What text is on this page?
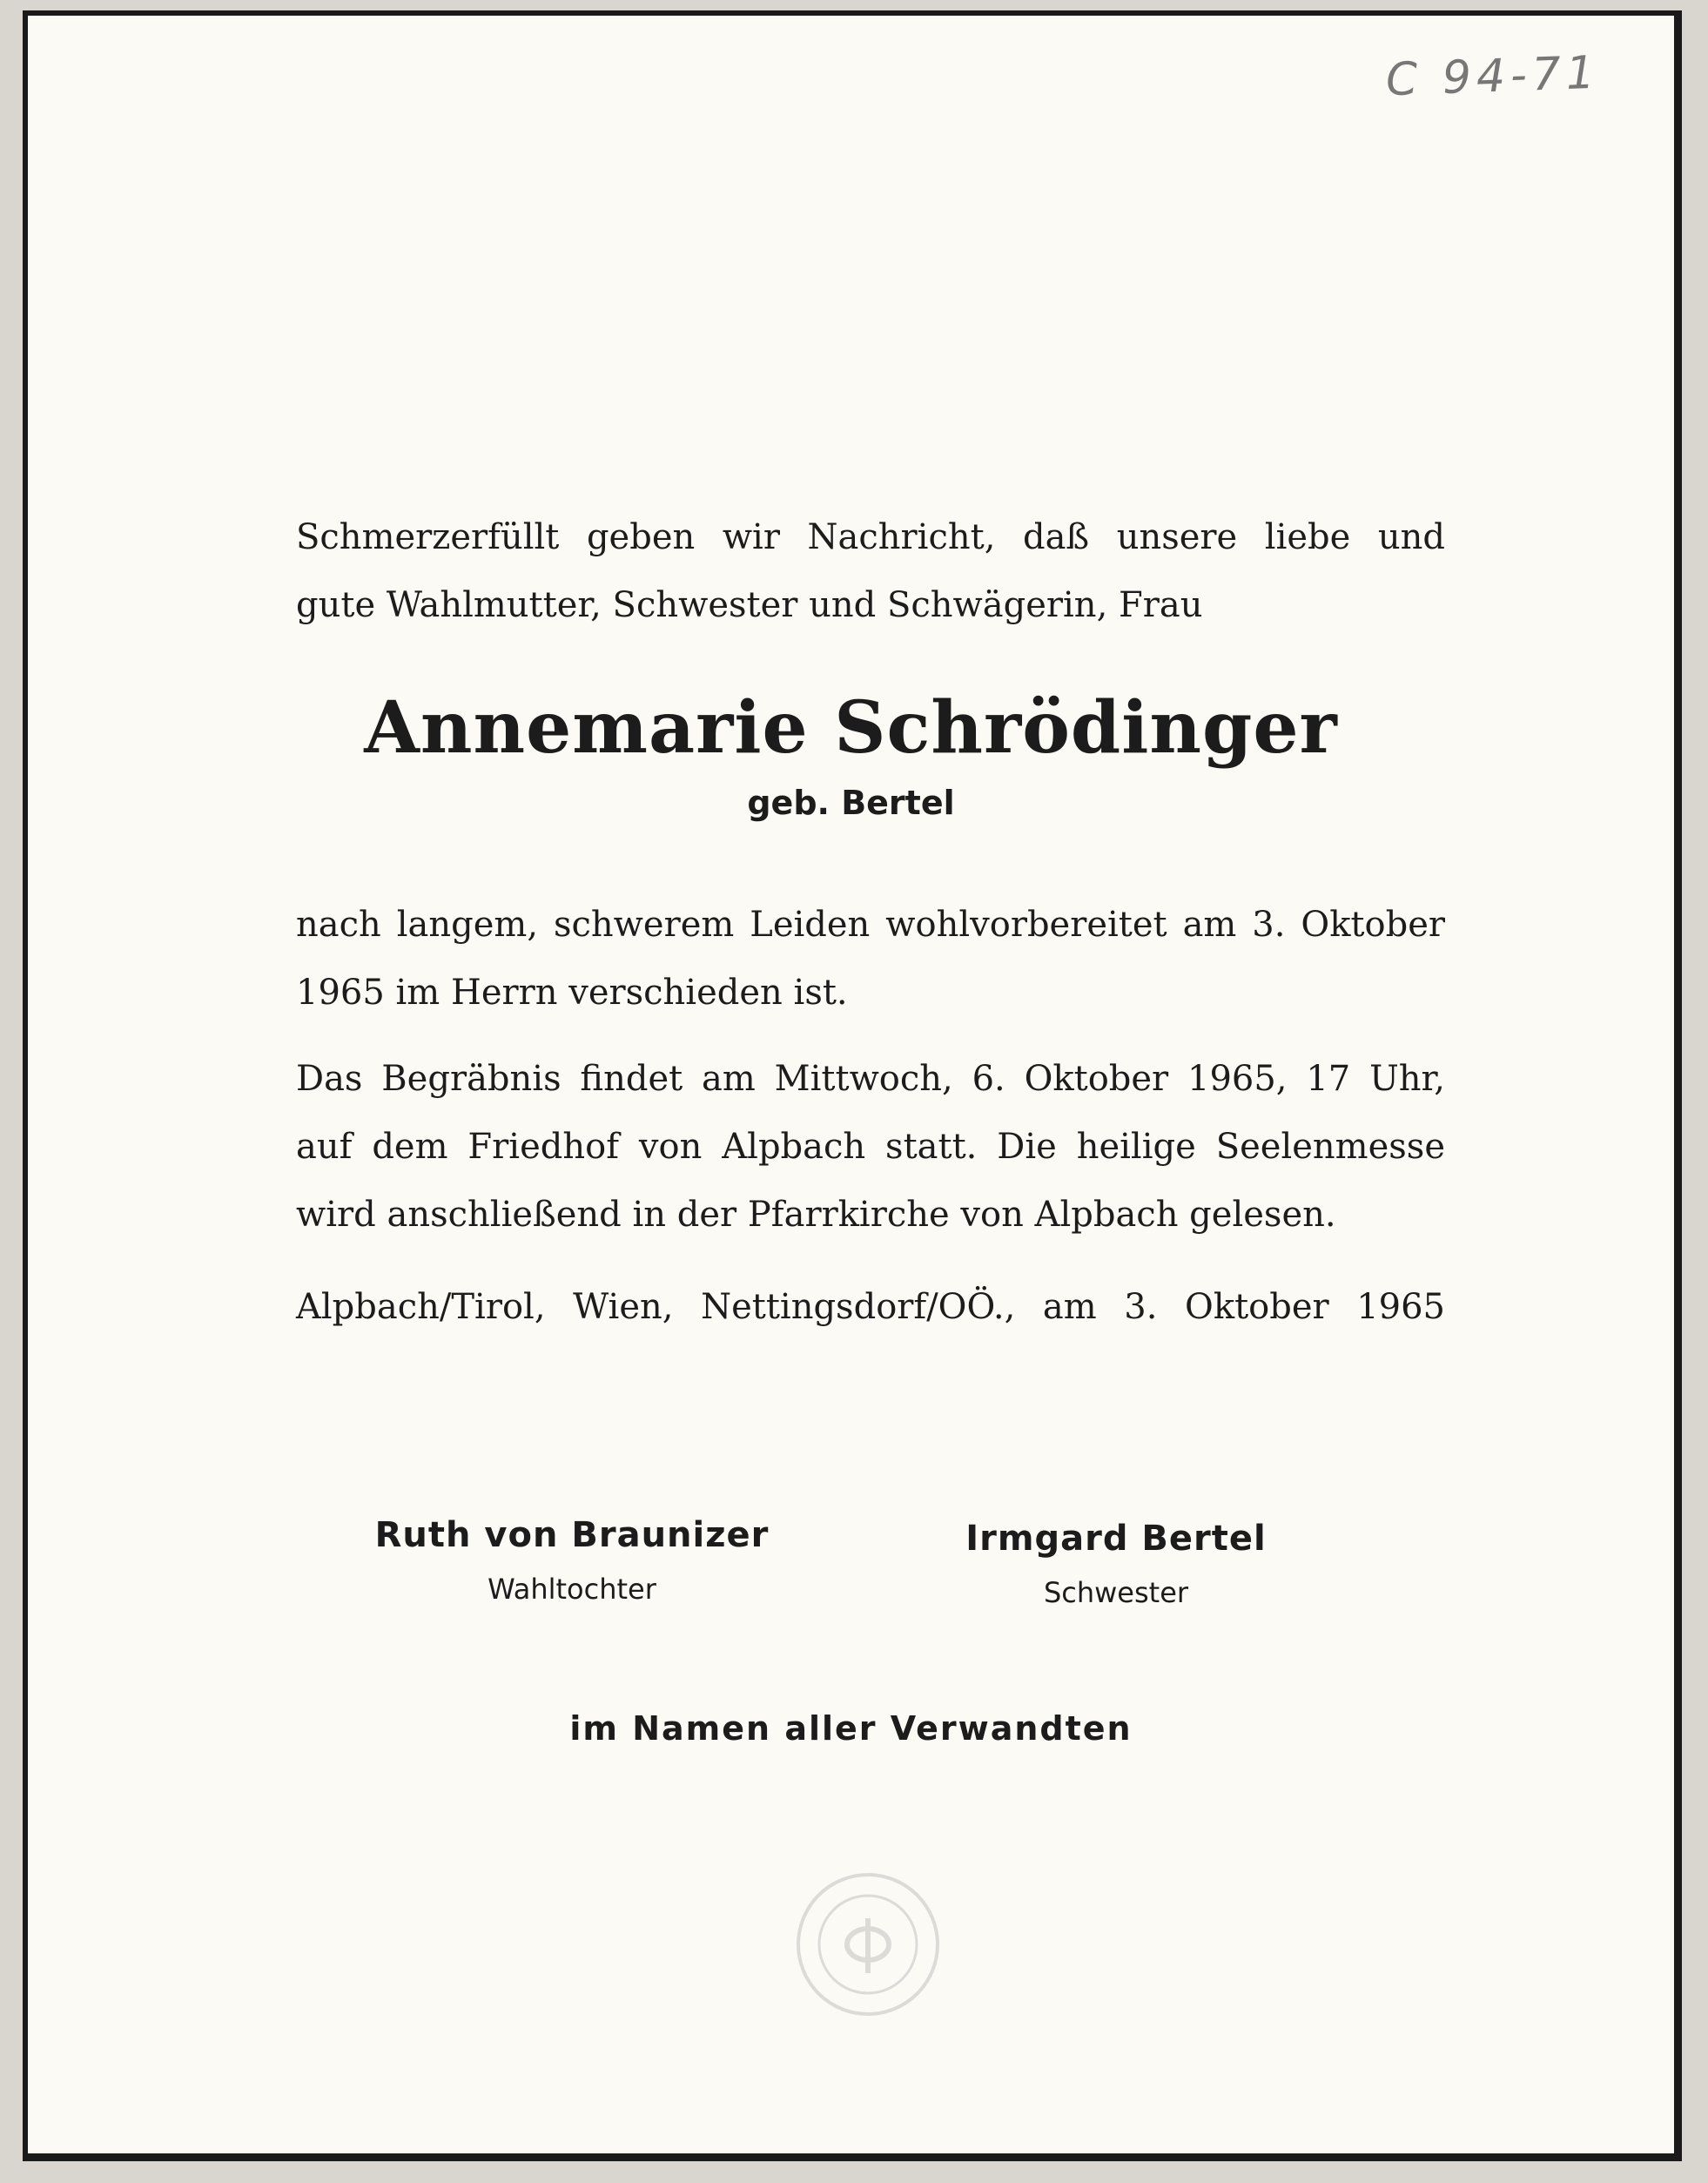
C 94-71

Schmerzerfüllt geben wir Nachricht, daß unsere liebe und
gute Wahlmutter, Schwester und Schwägerin, Frau

Annemarie Schrödinger
geb. Bertel

nach langem, schwerem Leiden wohlvorbereitet am 3. Oktober
1965 im Herrn verschieden ist.

Das Begräbnis findet am Mittwoch, 6. Oktober 1965, 17 Uhr,
auf dem Friedhof von Alpbach statt. Die heilige Seelenmesse
wird anschließend in der Pfarrkirche von Alpbach gelesen.

Alpbach/Tirol, Wien, Nettingsdorf/OÖ., am 3. Oktober 1965
Ruth von Braunizer
Wahltochter
Irmgard Bertel
Schwester
im Namen aller Verwandten
